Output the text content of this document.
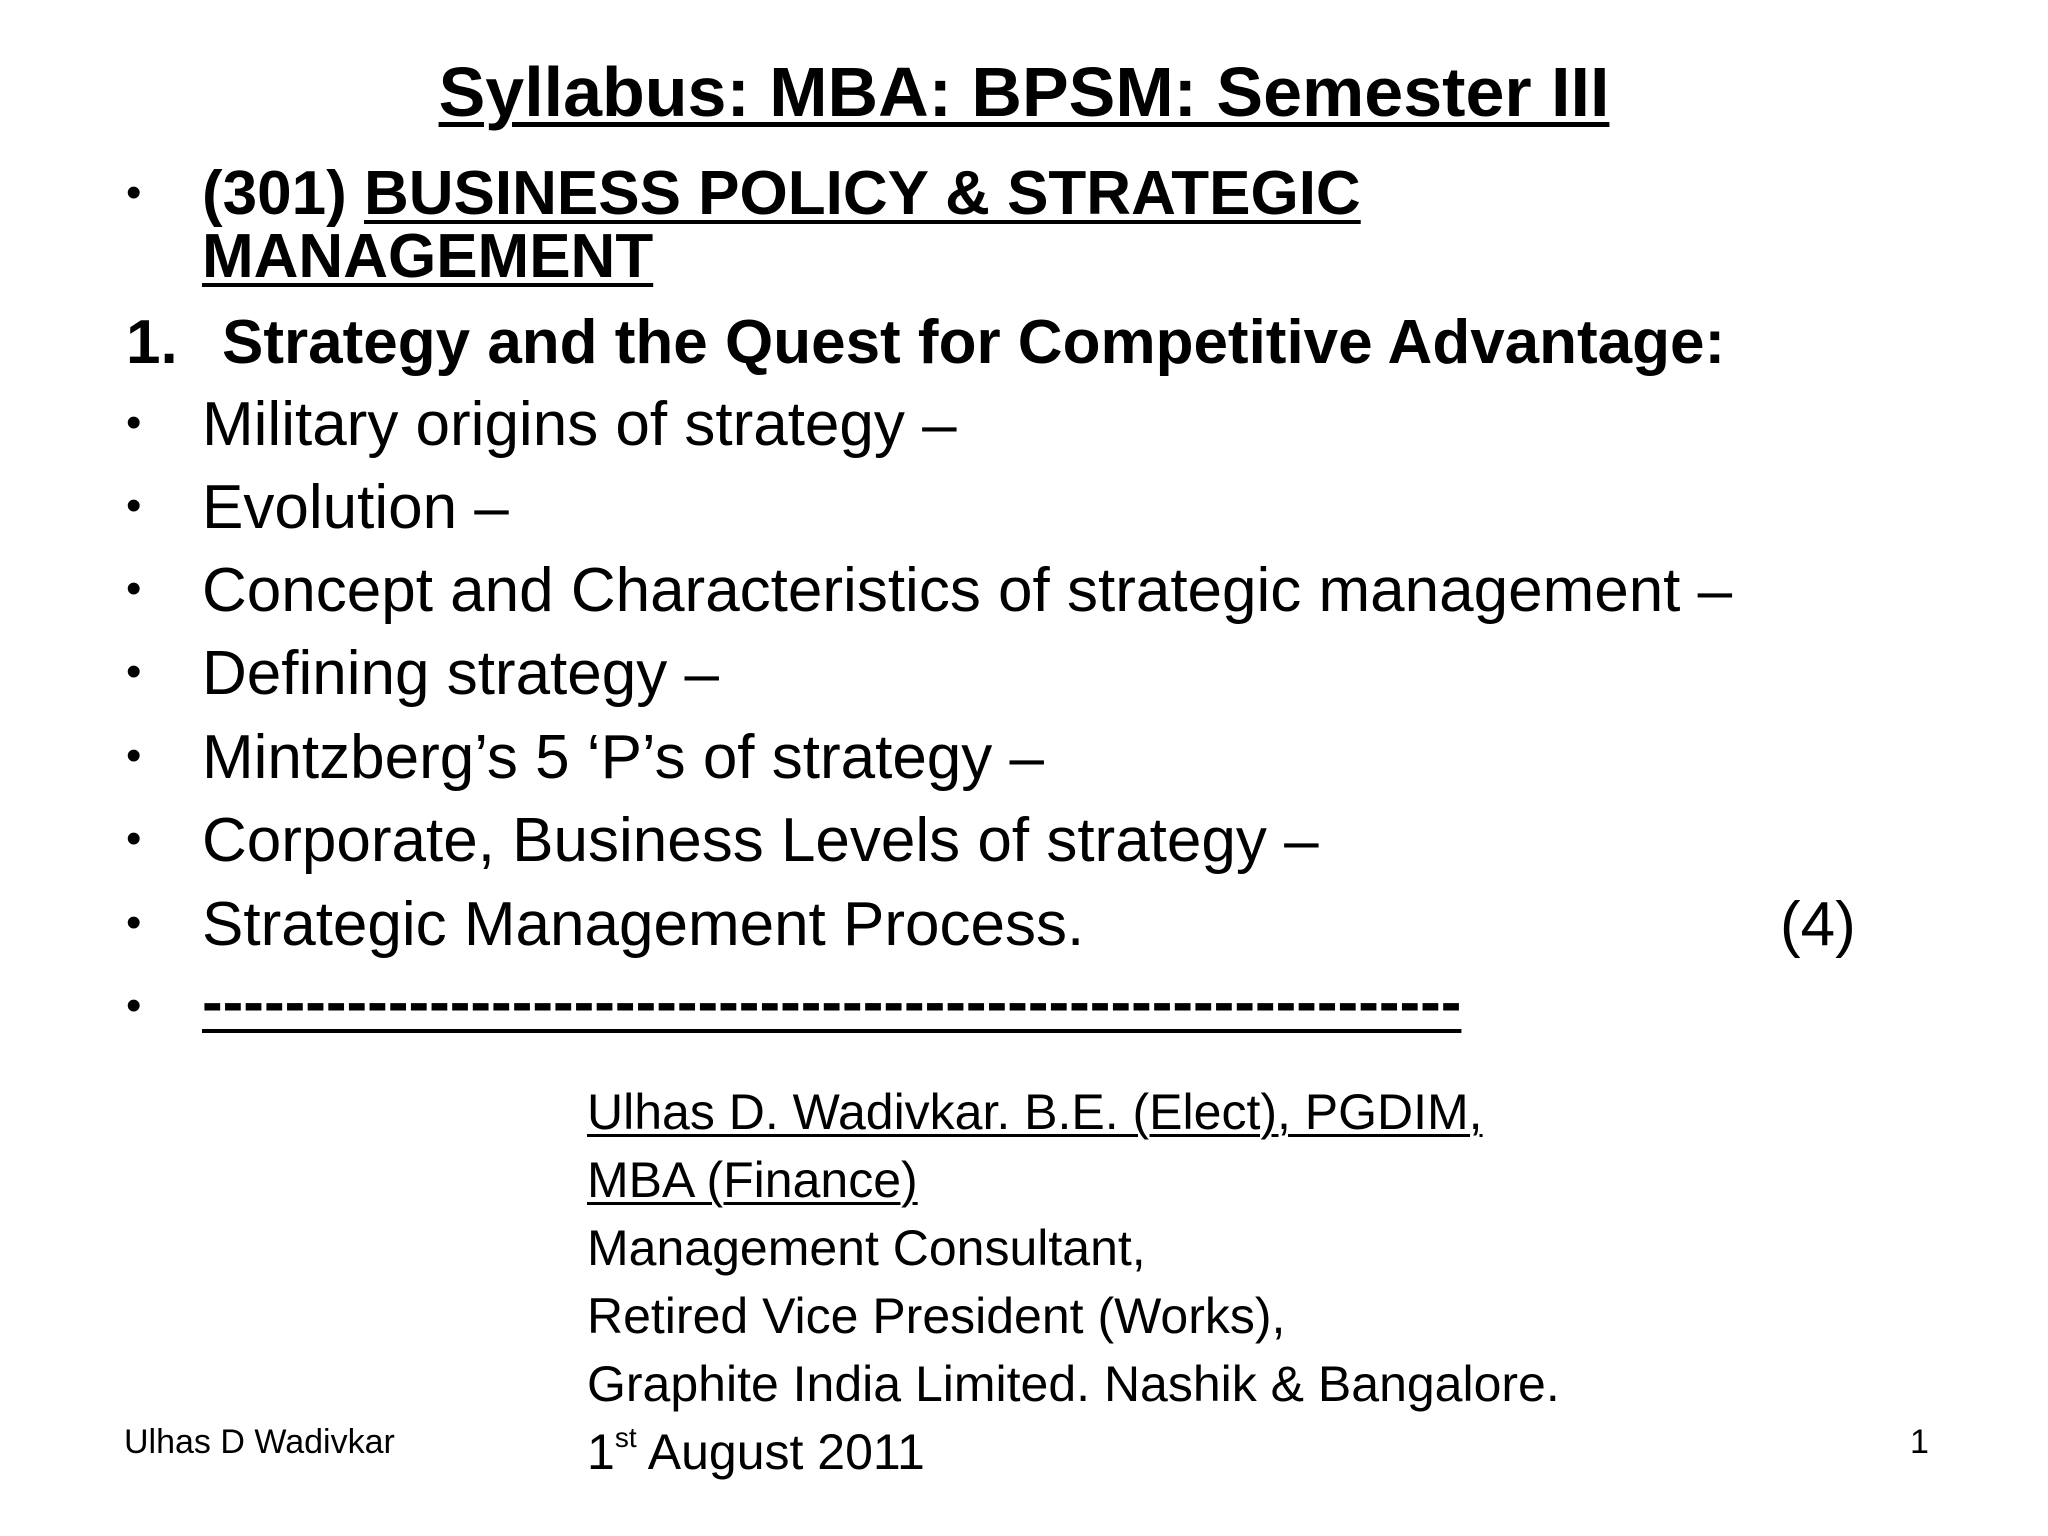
Syllabus: MBA: BPSM: Semester III
• (301) BUSINESS POLICY & STRATEGIC
MANAGEMENT
1. Strategy and the Quest for Competitive Advantage:
• Military origins of strategy –
• Evolution –
• Concept and Characteristics of strategic management –
• Defining strategy –
• Mintzberg’s 5 ‘P’s of strategy –
• Corporate, Business Levels of strategy –
• Strategic Management Process.	(4)
• -------------------------------------------------------------
Ulhas D. Wadivkar. B.E. (Elect), PGDIM,
MBA (Finance)
Management Consultant,
Retired Vice President (Works),
Graphite India Limited. Nashik & Bangalore.
1st August 2011
Ulhas D Wadivkar	1
